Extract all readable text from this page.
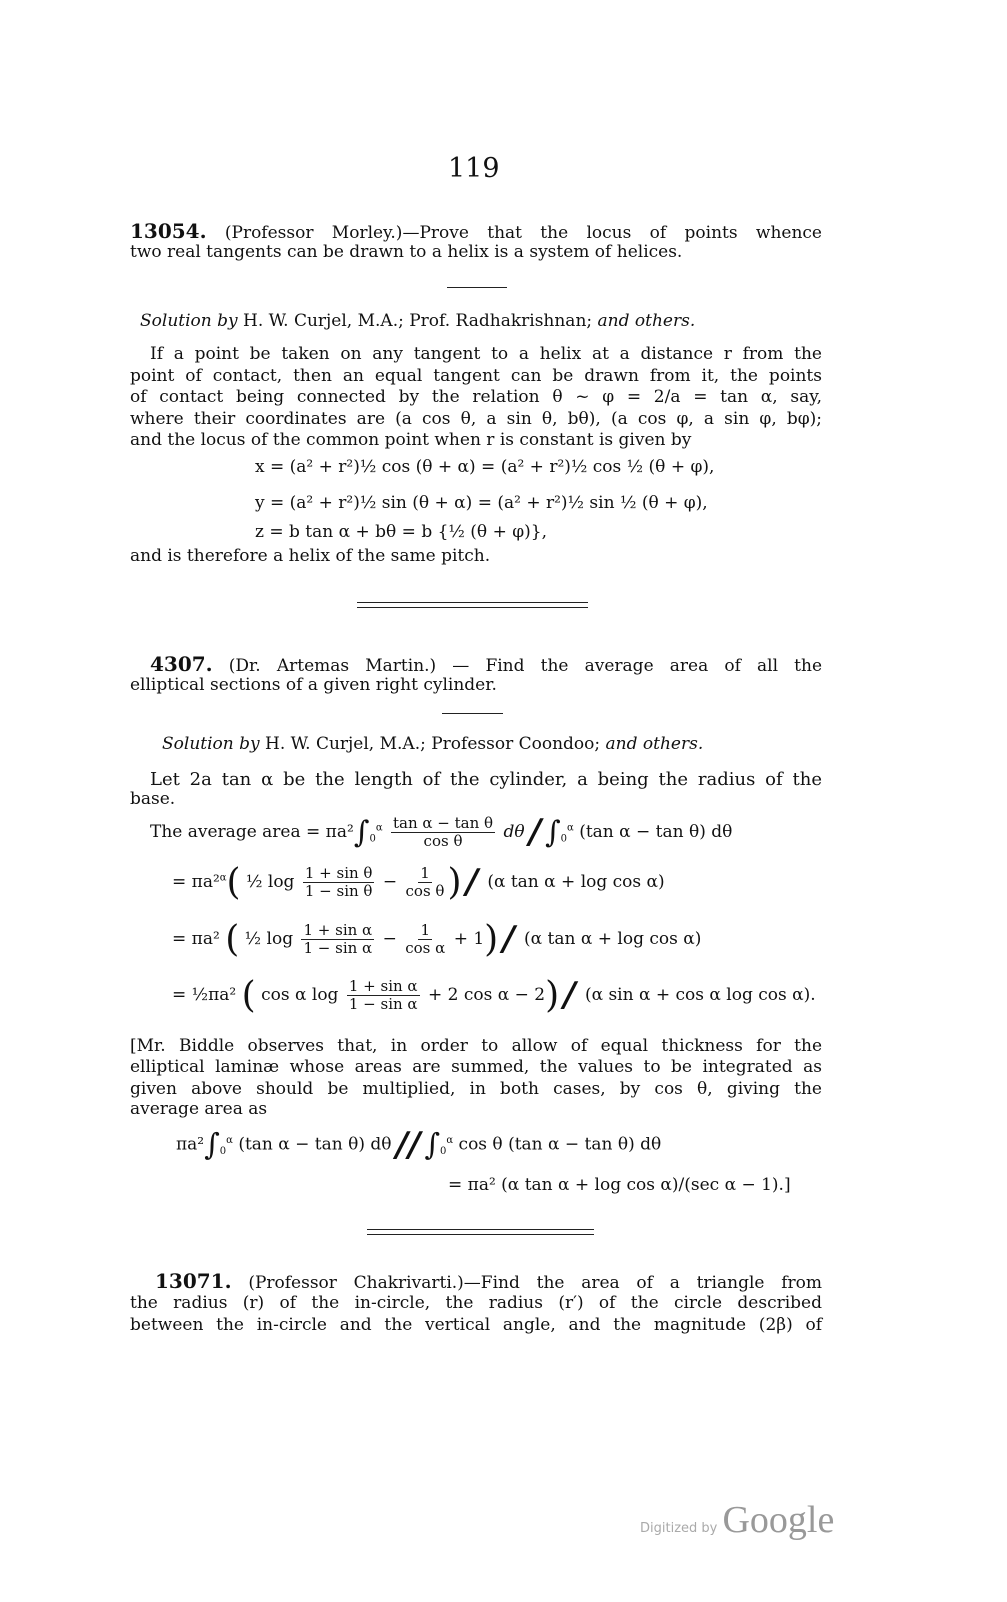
119
13054. (Professor Morley.)—Prove that the locus of points whence
two real tangents can be drawn to a helix is a system of helices.
Solution by H. W. Curjel, M.A.; Prof. Radhakrishnan; and others.
If a point be taken on any tangent to a helix at a distance r from the
point of contact, then an equal tangent can be drawn from it, the points
of contact being connected by the relation θ ~ φ = 2/a = tan α, say,
where their coordinates are (a cos θ, a sin θ, bθ), (a cos φ, a sin φ, bφ);
and the locus of the common point when r is constant is given by
x = (a² + r²)½ cos (θ + α) = (a² + r²)½ cos ½ (θ + φ),
y = (a² + r²)½ sin (θ + α) = (a² + r²)½ sin ½ (θ + φ),
z = b tan α + bθ = b {½ (θ + φ)},
and is therefore a helix of the same pitch.
4307. (Dr. Artemas Martin.) — Find the average area of all the
elliptical sections of a given right cylinder.
Solution by H. W. Curjel, M.A.; Professor Coondoo; and others.
Let 2a tan α be the length of the cylinder, a being the radius of the
base.
The average area = $\pi a^2\int_0^\alpha \frac{\text{tan α − tan θ}}{\text{cos θ}}$ dθ / $\int_0^\alpha$ (tan α − tan θ) dθ
= πa²$^\alpha$( ½ $\log \frac{\text{1 + sin θ}}{\text{1 − sin θ}} - \frac{1}{\text{cos θ}}$ ) / (α tan α + log cos α)
= πa² ( ½ $\log \frac{\text{1 + sin α}}{\text{1 − sin α}} - \frac{1}{\text{cos α}} + 1) / (\alpha$ tan α + log cos α)
= ½πa² ( cos α $\log \frac{\text{1 + sin α}}{\text{1 − sin α}} + 2$ cos α − 2) / (α sin α + cos α log cos α).
[Mr. Biddle observes that, in order to allow of equal thickness for the
elliptical laminæ whose areas are summed, the values to be integrated as
given above should be multiplied, in both cases, by cos θ, giving the
average area as
$\pi a^2\int_0^\alpha$ (tan α − tan θ) dθ // $\int_0^\alpha$ cos θ (tan α − tan θ) dθ
= πa² (α tan α + log cos α)/(sec α − 1).]
13071. (Professor Chakrivarti.)—Find the area of a triangle from
the radius (r) of the in-circle, the radius (r′) of the circle described
between the in-circle and the vertical angle, and the magnitude (2β) of
Digitized by Google
